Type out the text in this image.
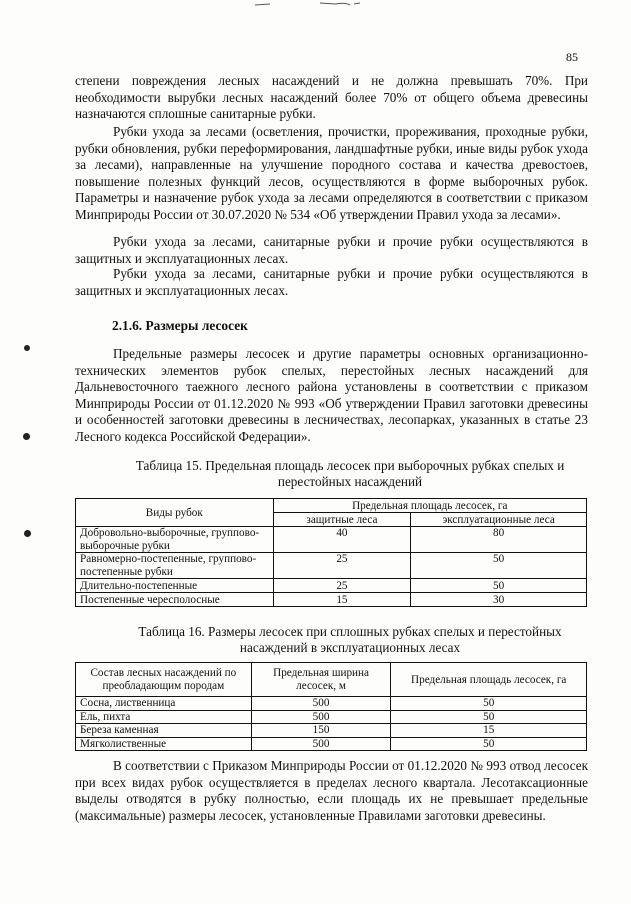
85

степени повреждения лесных насаждений и не должна превышать 70%. При необходимости вырубки лесных насаждений более 70% от общего объема древесины назначаются сплошные санитарные рубки.

Рубки ухода за лесами (осветления, прочистки, прореживания, проходные рубки, рубки обновления, рубки переформирования, ландшафтные рубки, иные виды рубок ухода за лесами), направленные на улучшение породного состава и качества древостоев, повышение полезных функций лесов, осуществляются в форме выборочных рубок. Параметры и назначение рубок ухода за лесами определяются в соответствии с приказом Минприроды России от 30.07.2020 № 534 «Об утверждении Правил ухода за лесами».

Рубки ухода за лесами, санитарные рубки и прочие рубки осуществляются в защитных и эксплуатационных лесах.

Рубки ухода за лесами, санитарные рубки и прочие рубки осуществляются в защитных и эксплуатационных лесах.

2.1.6. Размеры лесосек

Предельные размеры лесосек и другие параметры основных организационно-технических элементов рубок спелых, перестойных лесных насаждений для Дальневосточного таежного лесного района установлены в соответствии с приказом Минприроды России от 01.12.2020 № 993 «Об утверждении Правил заготовки древесины и особенностей заготовки древесины в лесничествах, лесопарках, указанных в статье 23 Лесного кодекса Российской Федерации».

Таблица 15. Предельная площадь лесосек при выборочных рубках спелых и перестойных насаждений

Виды рубок	Предельная площадь лесосек, га	
	защитные леса	эксплуатационные леса
Добровольно-выборочные, группово-выборочные рубки	40	80
Равномерно-постепенные, группово-постепенные рубки	25	50
Длительно-постепенные	25	50
Постепенные чересполосные	15	30

Таблица 16. Размеры лесосек при сплошных рубках спелых и перестойных насаждений в эксплуатационных лесах

Состав лесных насаждений по преобладающим породам	Предельная ширина лесосек, м	Предельная площадь лесосек, га
Сосна, лиственница	500	50
Ель, пихта	500	50
Береза каменная	150	15
Мягколиственные	500	50

В соответствии с Приказом Минприроды России от 01.12.2020 № 993 отвод лесосек при всех видах рубок осуществляется в пределах лесного квартала. Лесотаксационные выделы отводятся в рубку полностью, если площадь их не превышает предельные (максимальные) размеры лесосек, установленные Правилами заготовки древесины.
